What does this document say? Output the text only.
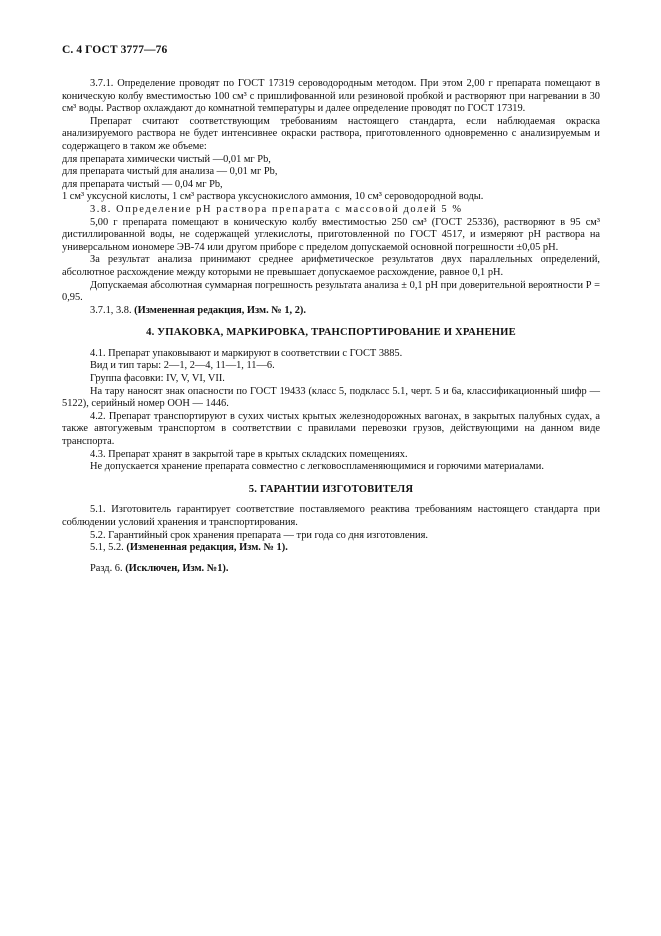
С. 4 ГОСТ 3777—76

3.7.1. Определение проводят по ГОСТ 17319 сероводородным методом. При этом 2,00 г препарата помещают в коническую колбу вместимостью 100 см³ с пришлифованной или резиновой пробкой и растворяют при нагревании в 30 см³ воды. Раствор охлаждают до комнатной температуры и далее определение проводят по ГОСТ 17319.

Препарат считают соответствующим требованиям настоящего стандарта, если наблюдаемая окраска анализируемого раствора не будет интенсивнее окраски раствора, приготовленного одновременно с анализируемым и содержащего в таком же объеме:

для препарата химически чистый —0,01 мг Pb,

для препарата чистый для анализа — 0,01 мг Pb,

для препарата чистый — 0,04 мг Pb,

1 см³ уксусной кислоты, 1 см³ раствора уксуснокислого аммония, 10 см³ сероводородной воды.

3.8. Определение pH раствора препарата с массовой долей 5 %

5,00 г препарата помещают в коническую колбу вместимостью 250 см³ (ГОСТ 25336), растворяют в 95 см³ дистиллированной воды, не содержащей углекислоты, приготовленной по ГОСТ 4517, и измеряют pH раствора на универсальном иономере ЭВ-74 или другом приборе с пределом допускаемой основной погрешности ±0,05 pH.

За результат анализа принимают среднее арифметическое результатов двух параллельных определений, абсолютное расхождение между которыми не превышает допускаемое расхождение, равное 0,1 pH.

Допускаемая абсолютная суммарная погрешность результата анализа ± 0,1 pH при доверительной вероятности Р = 0,95.

3.7.1, 3.8. (Измененная редакция, Изм. № 1, 2).

4. УПАКОВКА, МАРКИРОВКА, ТРАНСПОРТИРОВАНИЕ И ХРАНЕНИЕ

4.1. Препарат упаковывают и маркируют в соответствии с ГОСТ 3885.

Вид и тип тары: 2—1, 2—4, 11—1, 11—6.

Группа фасовки: IV, V, VI, VII.

На тару наносят знак опасности по ГОСТ 19433 (класс 5, подкласс 5.1, черт. 5 и 6а, классификационный шифр — 5122), серийный номер ООН — 1446.

4.2. Препарат транспортируют в сухих чистых крытых железнодорожных вагонах, в закрытых палубных судах, а также автогужевым транспортом в соответствии с правилами перевозки грузов, действующими на данном виде транспорта.

4.3. Препарат хранят в закрытой таре в крытых складских помещениях.

Не допускается хранение препарата совместно с легковоспламеняющимися и горючими материалами.

5. ГАРАНТИИ ИЗГОТОВИТЕЛЯ

5.1. Изготовитель гарантирует соответствие поставляемого реактива требованиям настоящего стандарта при соблюдении условий хранения и транспортирования.

5.2. Гарантийный срок хранения препарата — три года со дня изготовления.

5.1, 5.2. (Измененная редакция, Изм. № 1).

Разд. 6. (Исключен, Изм. №1).
